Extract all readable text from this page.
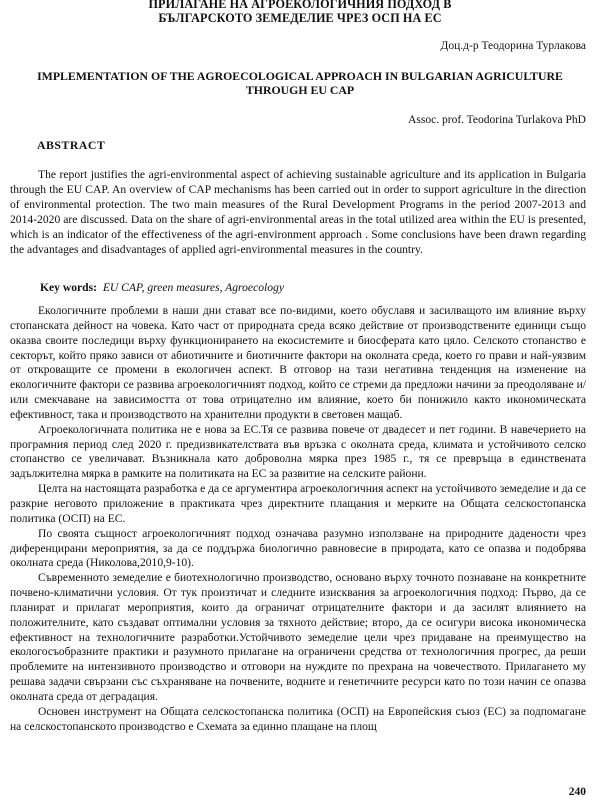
ПРИЛАГАНЕ НА АГРОЕКОЛОГИЧНИЯ ПОДХОД В БЪЛГАРСКОТО ЗЕМЕДЕЛИЕ ЧРЕЗ ОСП НА ЕС

Доц.д-р Теодорина Турлакова

IMPLEMENTATION OF THE AGROECOLOGICAL APPROACH IN BULGARIAN AGRICULTURE THROUGH EU CAP

Assoc. prof. Teodorina Turlakova PhD

ABSTRACT

The report justifies the agri-environmental aspect of achieving sustainable agriculture and its application in Bulgaria through the EU CAP. An overview of CAP mechanisms has been carried out in order to support agriculture in the direction of environmental protection. The two main measures of the Rural Development Programs in the period 2007-2013 and 2014-2020 are discussed. Data on the share of agri-environmental areas in the total utilized area within the EU is presented, which is an indicator of the effectiveness of the agri-environment approach . Some conclusions have been drawn regarding the advantages and disadvantages of applied agri-environmental measures in the country.

Key words: EU CAP, green measures, Agroecology

Екологичните проблеми в наши дни стават все по-видими, което обуславя и засилващото им влияние върху стопанската дейност на човека. Като част от природната среда всяко действие от производствените единици също оказва своите последици върху функционирането на екосистемите и биосферата като цяло. Селското стопанство е секторът, който пряко зависи от абиотичните и биотичните фактори на околната среда, което го прави и най-уязвим от откроващите се промени в екологичен аспект. В отговор на тази негативна тенденция на изменение на екологичните фактори се развива агроекологичният подход, който се стреми да предложи начини за преодоляване и/или смекчаване на зависимостта от това отрицателно им влияние, което би понижило както икономическата ефективност, така и производството на хранителни продукти в световен мащаб.

Агроекологичната политика не е нова за ЕС.Тя се развива повече от двадесет и пет години. В навечерието на програмния период след 2020 г. предизвикателствата във връзка с околната среда, климата и устойчивото селско стопанство се увеличават. Възникнала като доброволна мярка през 1985 г., тя се превръща в единствената задължителна мярка в рамките на политиката на ЕС за развитие на селските райони.

Целта на настоящата разработка е да се аргументира агроекологичния аспект на устойчивото земеделие и да се разкрие неговото приложение в практиката чрез директните плащания и мерките на Общата селскостопанска политика (ОСП) на ЕС.

По своята същност агроекологичният подход означава разумно използване на природните дадености чрез диференцирани мероприятия, за да се поддържа биологично равновесие в природата, като се опазва и подобрява околната среда (Николова,2010,9-10).

Съвременното земеделие е биотехнологично производство, основано върху точното познаване на конкретните почвено-климатични условия. От тук произтичат и следните изисквания за агроекологичния подход: Първо, да се планират и прилагат мероприятия, които да ограничат отрицателните фактори и да засилят влиянието на положителните, като създават оптимални условия за тяхното действие; второ, да се осигури висока икономическа ефективност на технологичните разработки.Устойчивото земеделие цели чрез придаване на преимущество на екологосъобразните практики и разумното прилагане на ограничени средства от технологичния прогрес, да реши проблемите на интензивното производство и отговори на нуждите по прехрана на човечеството. Прилагането му решава задачи свързани със съхраняване на почвените, водните и генетичните ресурси като по този начин се опазва околната среда от деградация.

Основен инструмент на Общата селскостопанска политика (ОСП) на Европейския съюз (ЕС) за подпомагане на селскостопанското производство е Схемата за единно плащане на площ

240
